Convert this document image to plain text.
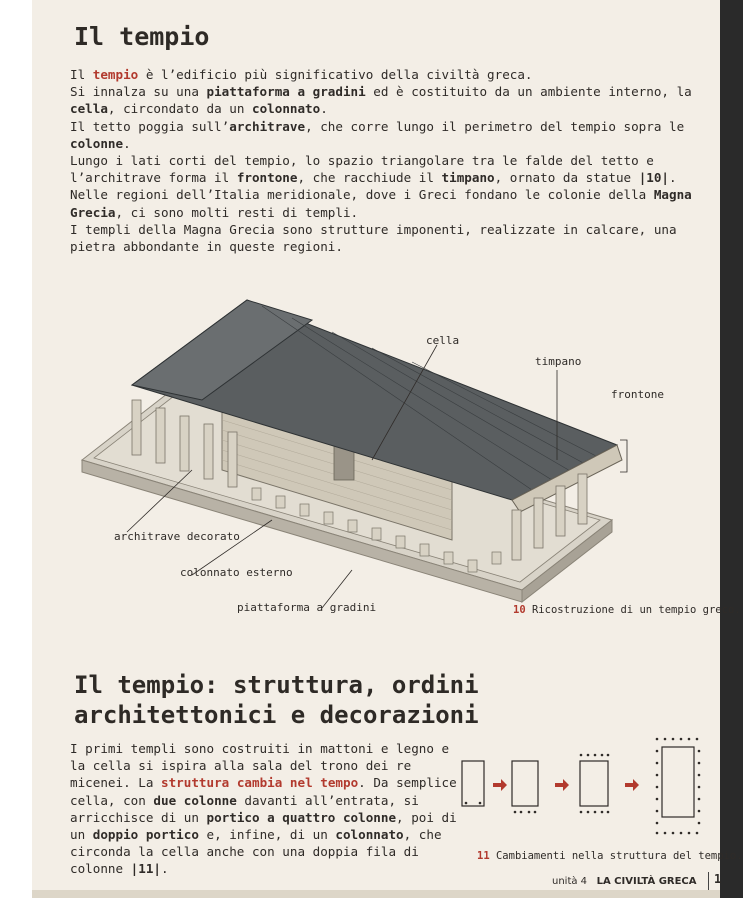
Il tempio

Il tempio è l’edificio più significativo della civiltà greca.

Si innalza su una piattaforma a gradini ed è costituito da un ambiente interno, la cella, circondato da un colonnato.

Il tetto poggia sull’architrave, che corre lungo il perimetro del tempio sopra le colonne.

Lungo i lati corti del tempio, lo spazio triangolare tra le falde del tetto e l’architrave forma il frontone, che racchiude il timpano, ornato da statue |10|.

Nelle regioni dell’Italia meridionale, dove i Greci fondano le colonie della Magna Grecia, ci sono molti resti di templi.

I templi della Magna Grecia sono strutture imponenti, realizzate in calcare, una pietra abbondante in queste regioni.

cella
timpano
frontone
architrave decorato
colonnato esterno
piattaforma a gradini	10 Ricostruzione di un tempio greco.
Il tempio: struttura, ordini architettonici e decorazioni

I primi templi sono costruiti in mattoni e legno e la cella si ispira alla sala del trono dei re micenei. La struttura cambia nel tempo. Da semplice cella, con due colonne davanti all’entrata, si arricchisce di un portico a quattro colonne, poi di un doppio portico e, infine, di un colonnato, che circonda la cella anche con una doppia fila di colonne |11|.

11 Cambiamenti nella struttura del tempio.
unità 4 LA CIVILTÀ GRECA	1
